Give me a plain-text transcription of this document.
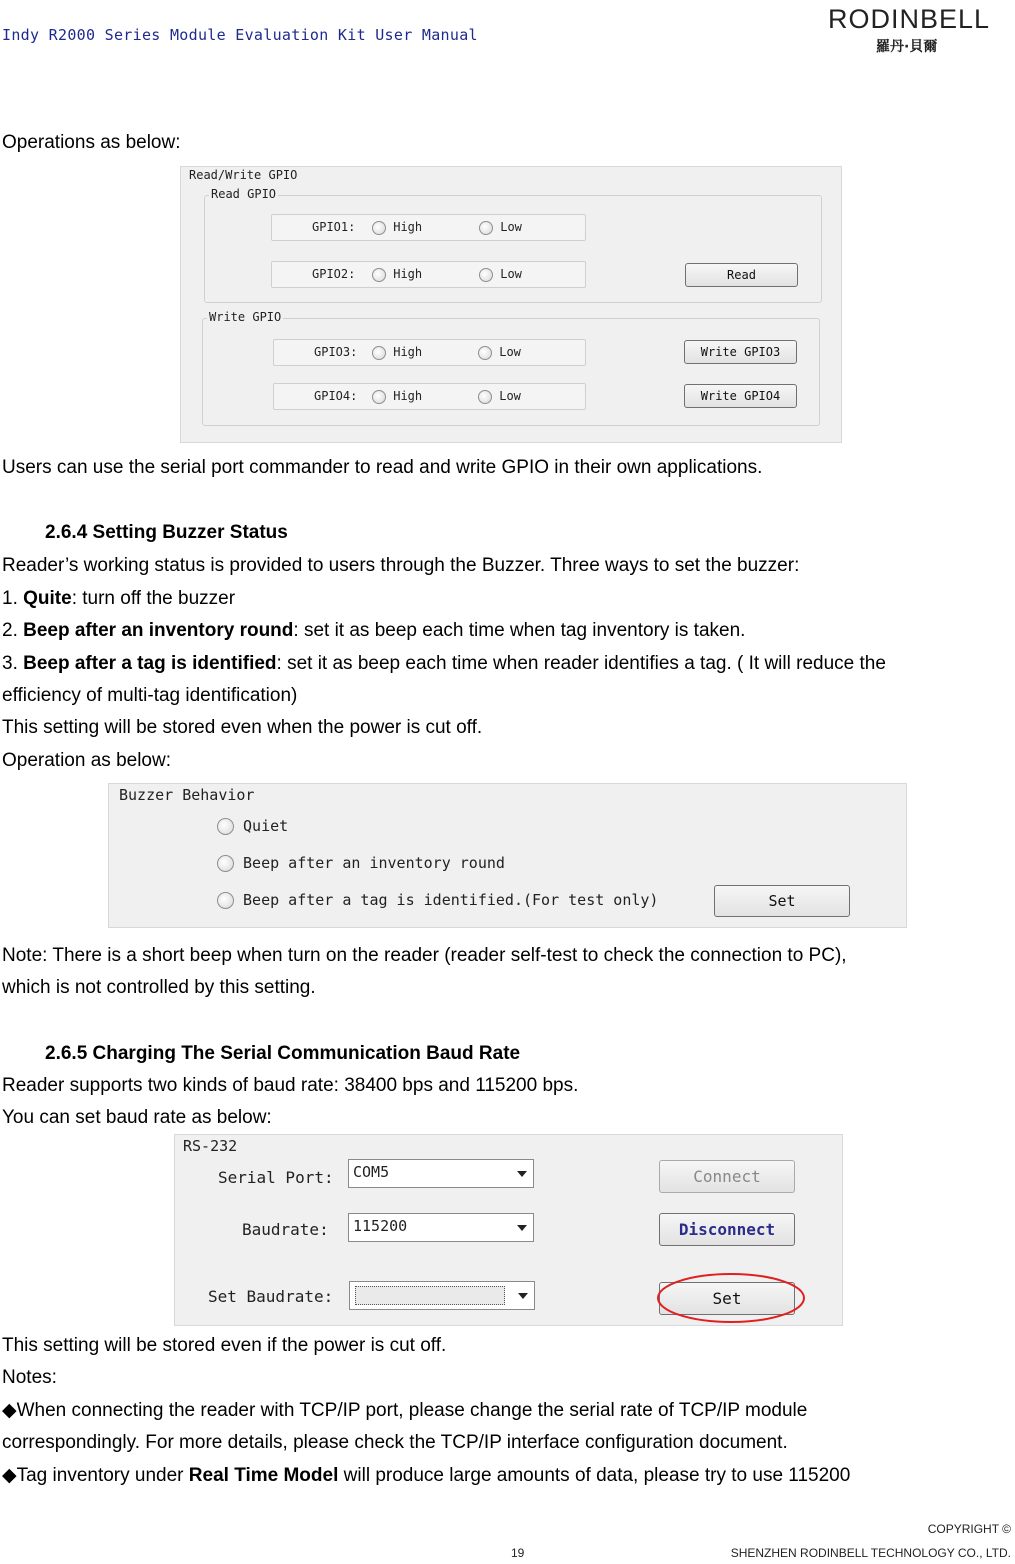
Indy R2000 Series Module Evaluation Kit User Manual
RODINBELL
羅丹·貝爾
Operations as below:
Read/Write GPIO
Read GPIO
GPIO1:	High	Low
GPIO2:	High	Low	Read
Write GPIO
GPIO3:	High	Low
GPIO4:	High	Low
Write GPIO3
Write GPIO4
Users can use the serial port commander to read and write GPIO in their own applications.
2.6.4 Setting Buzzer Status
Reader’s working status is provided to users through the Buzzer. Three ways to set the buzzer:
1. Quite: turn off the buzzer
2. Beep after an inventory round: set it as beep each time when tag inventory is taken.
3. Beep after a tag is identified: set it as beep each time when reader identifies a tag. ( It will reduce the
efficiency of multi-tag identification)
This setting will be stored even when the power is cut off.
Operation as below:
Buzzer Behavior
Quiet
Beep after an inventory round
Beep after a tag is identified.(For test only)	Set
Note: There is a short beep when turn on the reader (reader self-test to check the connection to PC),
which is not controlled by this setting.
2.6.5 Charging The Serial Communication Baud Rate
Reader supports two kinds of baud rate: 38400 bps and 115200 bps.
You can set baud rate as below:
RS-232
Serial Port: COM5
Baudrate: 115200
Set Baudrate:
Connect
Disconnect
Set
This setting will be stored even if the power is cut off.
Notes:
◆When connecting the reader with TCP/IP port, please change the serial rate of TCP/IP module
correspondingly. For more details, please check the TCP/IP interface configuration document.
◆Tag inventory under Real Time Model will produce large amounts of data, please try to use 115200
COPYRIGHT ©
19	SHENZHEN RODINBELL TECHNOLOGY CO., LTD.
